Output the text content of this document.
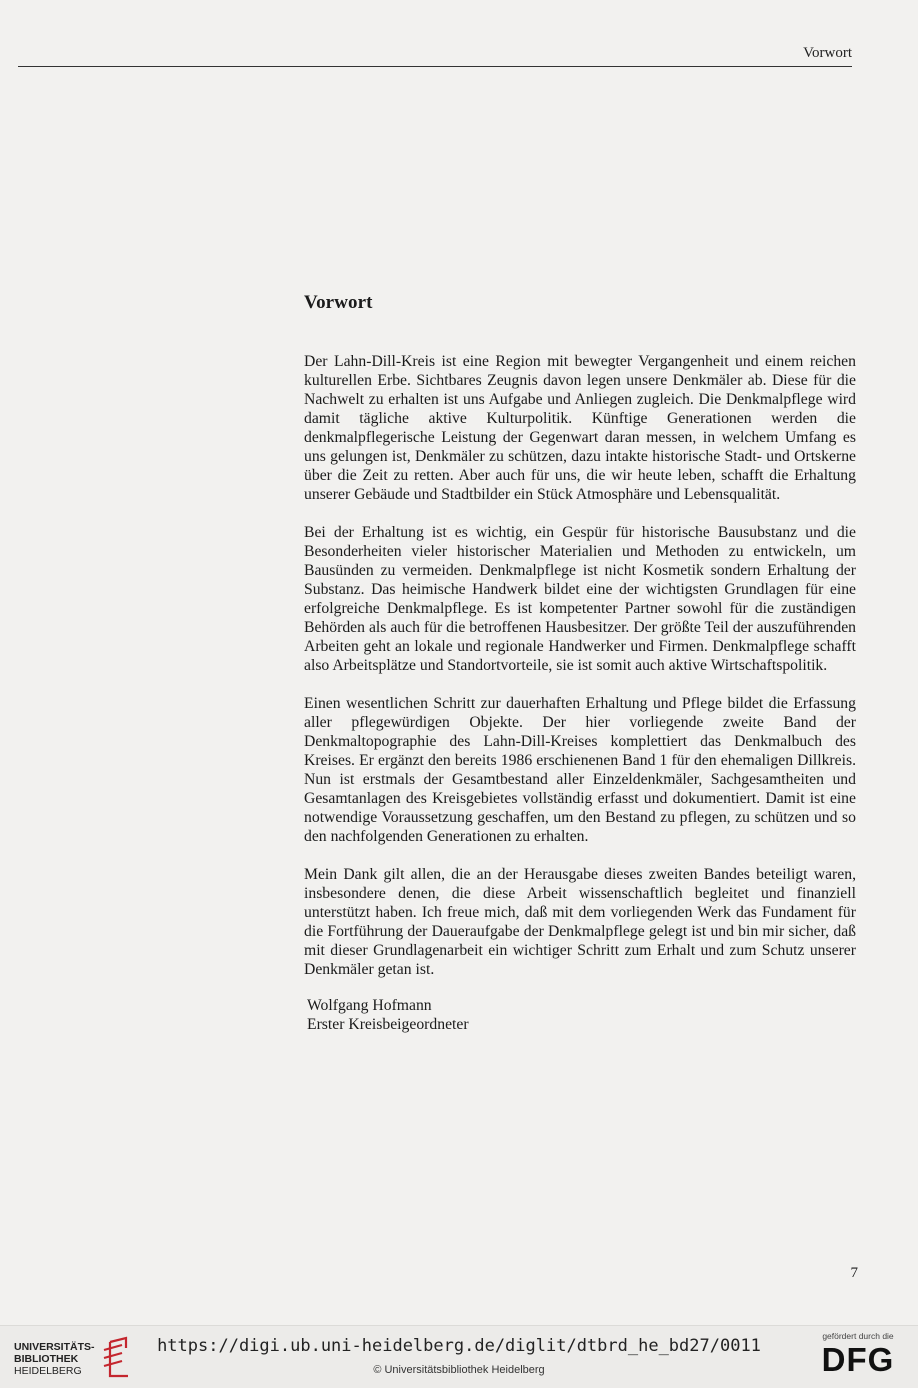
Vorwort
Vorwort

Der Lahn-Dill-Kreis ist eine Region mit bewegter Vergangenheit und einem reichen kulturellen Erbe. Sichtbares Zeugnis davon legen unsere Denkmäler ab. Diese für die Nachwelt zu erhalten ist uns Aufgabe und Anliegen zugleich. Die Denkmalpflege wird damit tägliche aktive Kulturpolitik. Künftige Generationen werden die denkmalpflegerische Leistung der Gegenwart daran messen, in welchem Umfang es uns gelungen ist, Denkmäler zu schützen, dazu intakte historische Stadt- und Ortskerne über die Zeit zu retten. Aber auch für uns, die wir heute leben, schafft die Erhaltung unserer Gebäude und Stadtbilder ein Stück Atmosphäre und Lebensqualität.

Bei der Erhaltung ist es wichtig, ein Gespür für historische Bausubstanz und die Besonderheiten vieler historischer Materialien und Methoden zu entwickeln, um Bausünden zu vermeiden. Denkmalpflege ist nicht Kosmetik sondern Erhaltung der Substanz. Das heimische Handwerk bildet eine der wichtigsten Grundlagen für eine erfolgreiche Denkmalpflege. Es ist kompetenter Partner sowohl für die zuständigen Behörden als auch für die betroffenen Hausbesitzer. Der größte Teil der auszuführenden Arbeiten geht an lokale und regionale Handwerker und Firmen. Denkmalpflege schafft also Arbeitsplätze und Standortvorteile, sie ist somit auch aktive Wirtschaftspolitik.

Einen wesentlichen Schritt zur dauerhaften Erhaltung und Pflege bildet die Erfassung aller pflegewürdigen Objekte. Der hier vorliegende zweite Band der Denkmaltopographie des Lahn-Dill-Kreises komplettiert das Denkmalbuch des Kreises. Er ergänzt den bereits 1986 erschienenen Band 1 für den ehemaligen Dillkreis. Nun ist erstmals der Gesamtbestand aller Einzeldenkmäler, Sachgesamtheiten und Gesamtanlagen des Kreisgebietes vollständig erfasst und dokumentiert. Damit ist eine notwendige Voraussetzung geschaffen, um den Bestand zu pflegen, zu schützen und so den nachfolgenden Generationen zu erhalten.

Mein Dank gilt allen, die an der Herausgabe dieses zweiten Bandes beteiligt waren, insbesondere denen, die diese Arbeit wissenschaftlich begleitet und finanziell unterstützt haben. Ich freue mich, daß mit dem vorliegenden Werk das Fundament für die Fortführung der Daueraufgabe der Denkmalpflege gelegt ist und bin mir sicher, daß mit dieser Grundlagenarbeit ein wichtiger Schritt zum Erhalt und zum Schutz unserer Denkmäler getan ist.

Wolfgang Hofmann
Erster Kreisbeigeordneter
7
UNIVERSITÄTS-
BIBLIOTHEK
HEIDELBERG
https://digi.ub.uni-heidelberg.de/diglit/dtbrd_he_bd27/0011
© Universitätsbibliothek Heidelberg
gefördert durch die
DFG
